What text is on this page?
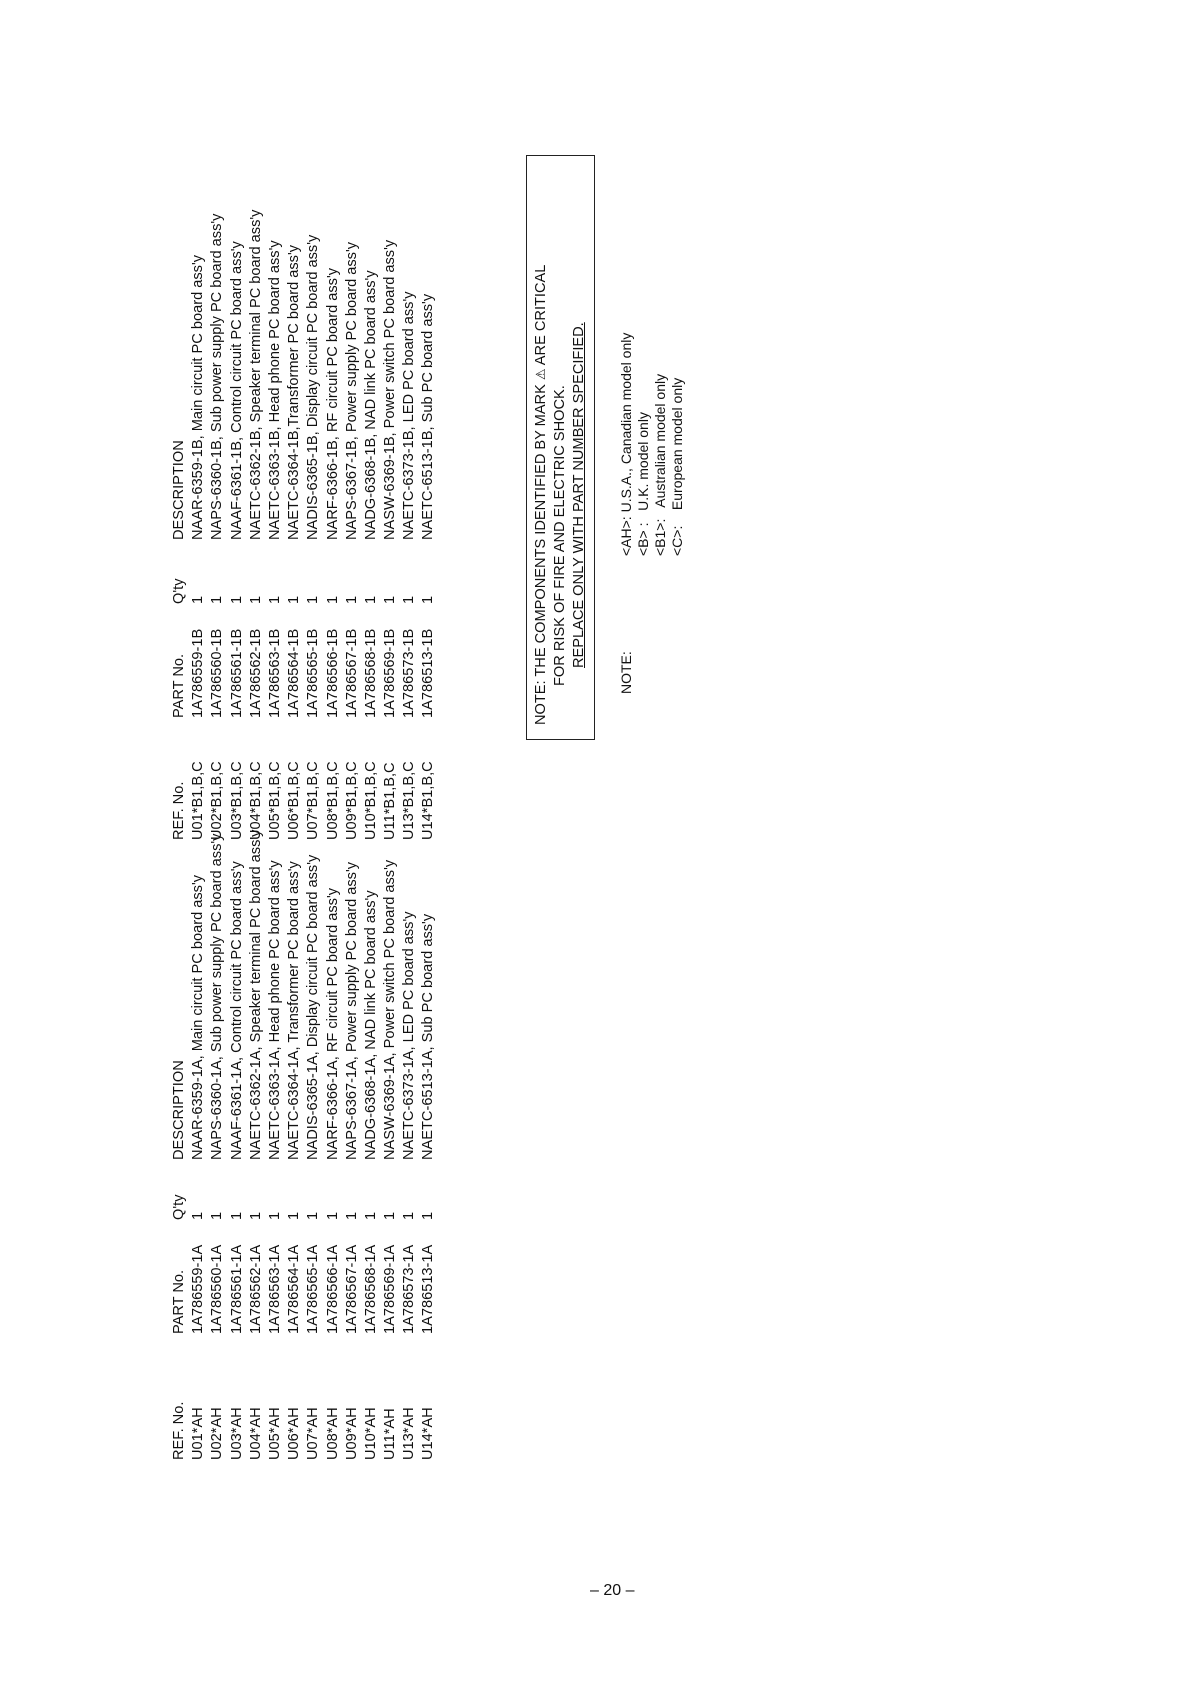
REF. No.
PART No.
Q'ty
DESCRIPTION
U01*AH
1A786559-1A
1
NAAR-6359-1A, Main circuit PC board ass'y
U02*AH
1A786560-1A
1
NAPS-6360-1A, Sub power supply PC board ass'y
U03*AH
1A786561-1A
1
NAAF-6361-1A, Control circuit PC board ass'y
U04*AH
1A786562-1A
1
NAETC-6362-1A, Speaker terminal PC board ass'y
U05*AH
1A786563-1A
1
NAETC-6363-1A, Head phone PC board ass'y
U06*AH
1A786564-1A
1
NAETC-6364-1A, Transformer PC board ass'y
U07*AH
1A786565-1A
1
NADIS-6365-1A, Display circuit PC board ass'y
U08*AH
1A786566-1A
1
NARF-6366-1A, RF circuit PC board ass'y
U09*AH
1A786567-1A
1
NAPS-6367-1A, Power supply PC board ass'y
U10*AH
1A786568-1A
1
NADG-6368-1A, NAD link PC board ass'y
U11*AH
1A786569-1A
1
NASW-6369-1A, Power switch PC board ass'y
U13*AH
1A786573-1A
1
NAETC-6373-1A, LED PC board ass'y
U14*AH
1A786513-1A
1
NAETC-6513-1A, Sub PC board ass'y
REF. No.
PART No.
Q'ty
DESCRIPTION
U01*B1,B,C
1A786559-1B
1
NAAR-6359-1B, Main circuit PC board ass'y
U02*B1,B,C
1A786560-1B
1
NAPS-6360-1B, Sub power supply PC board ass'y
U03*B1,B,C
1A786561-1B
1
NAAF-6361-1B, Control circuit PC board ass'y
U04*B1,B,C
1A786562-1B
1
NAETC-6362-1B, Speaker terminal PC board ass'y
U05*B1,B,C
1A786563-1B
1
NAETC-6363-1B, Head phone PC board ass'y
U06*B1,B,C
1A786564-1B
1
NAETC-6364-1B,Transformer PC board ass'y
U07*B1,B,C
1A786565-1B
1
NADIS-6365-1B, Display circuit PC board ass'y
U08*B1,B,C
1A786566-1B
1
NARF-6366-1B, RF circuit PC board ass'y
U09*B1,B,C
1A786567-1B
1
NAPS-6367-1B, Power supply PC board ass'y
U10*B1,B,C
1A786568-1B
1
NADG-6368-1B, NAD link PC board ass'y
U11*B1,B,C
1A786569-1B
1
NASW-6369-1B, Power switch PC board ass'y
U13*B1,B,C
1A786573-1B
1
NAETC-6373-1B, LED PC board ass'y
U14*B1,B,C
1A786513-1B
1
NAETC-6513-1B, Sub PC board ass'y	NOTE: THE COMPONENTS IDENTIFIED BY MARK ⚠ ARE CRITICAL
FOR RISK OF FIRE AND ELECTRIC SHOCK. REPLACE ONLY WITH PART NUMBER SPECIFIED.
NOTE:
<AH>: U.S.A., Canadian model only <B> :   U.K. model only <B1>:   Australian model only <C>:    European model only
– 20 –
